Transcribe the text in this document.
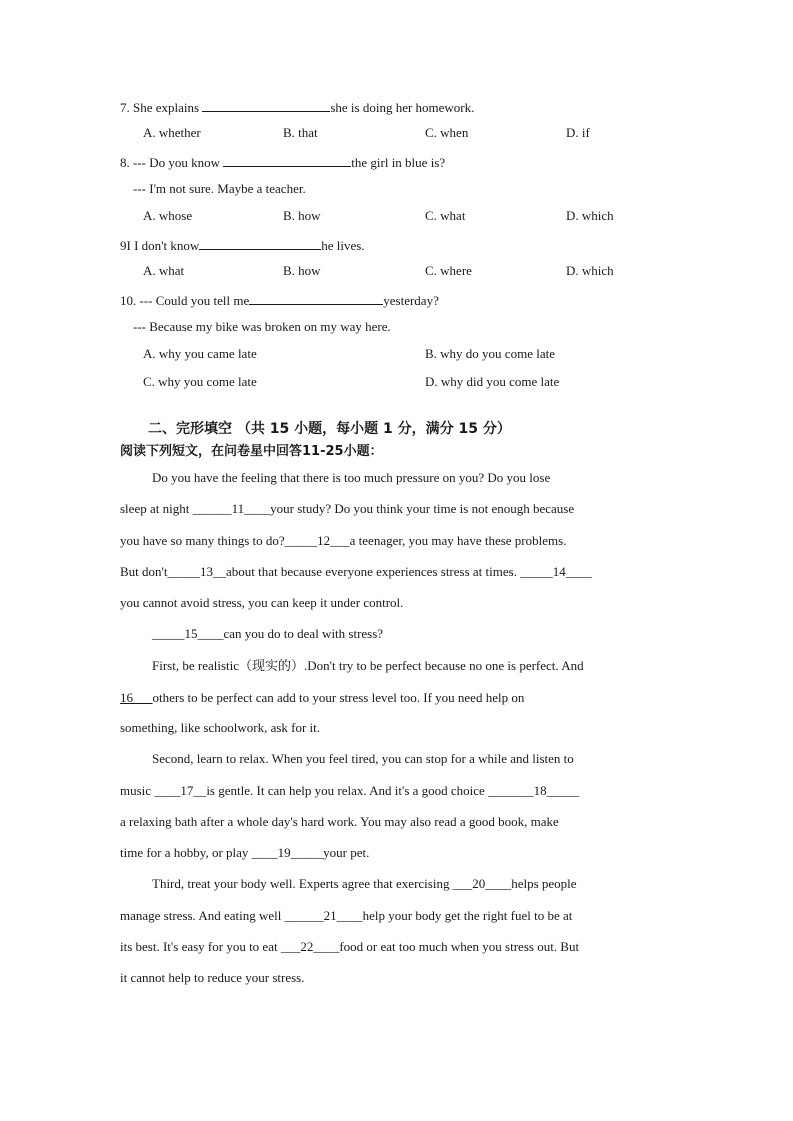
7. She explains	she is doing her homework.
A. whether	B. that	C. when	D. if
8. --- Do you know	the girl in blue is?
--- I'm not sure. Maybe a teacher.
A. whose	B. how	C. what	D. which
9I I don't know	he lives.
A. what	B. how	C. where	D. which
10. --- Could you tell me	yesterday?
--- Because my bike was broken on my way here.
A. why you came late	B. why do you come late
C. why you come late	D. why did you come late
二、完形填空 （共 15 小题，每小题 1 分，满分 15 分）
阅读下列短文，在问卷星中回答11-25小题：
Do you have the feeling that there is too much pressure on you? Do you lose
sleep at night ______11____your study? Do you think your time is not enough because
you have so many things to do?_____12___a teenager, you may have these problems.
But don't_____13__about that because everyone experiences stress at times. _____14____
you cannot avoid stress, you can keep it under control.
_____15____can you do to deal with stress?
First, be realistic（现实的）.Don't try to be perfect because no one is perfect. And
16___others to be perfect can add to your stress level too. If you need help on
something, like schoolwork, ask for it.
Second, learn to relax. When you feel tired, you can stop for a while and listen to
music ____17__is gentle. It can help you relax. And it's a good choice _______18_____
a relaxing bath after a whole day's hard work. You may also read a good book, make
time for a hobby, or play ____19_____your pet.
Third, treat your body well. Experts agree that exercising ___20____helps people
manage stress. And eating well ______21____help your body get the right fuel to be at
its best. It's easy for you to eat ___22____food or eat too much when you stress out. But
it cannot help to reduce your stress.
